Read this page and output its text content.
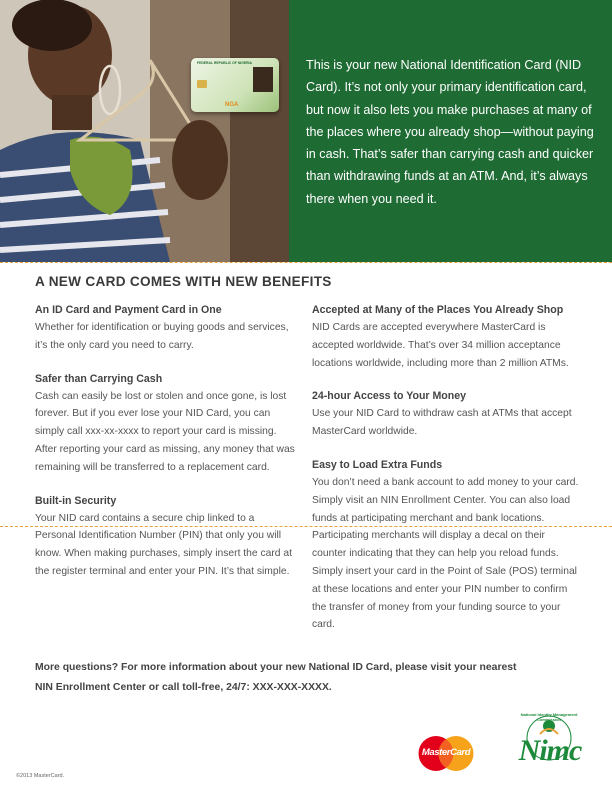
FEDERAL REPUBLIC OF NIGERIA
NGA

This is your new National Identification Card (NID Card). It’s not only your primary identification card, but now it also lets you make purchases at many of the places where you already shop—without paying in cash. That’s safer than carrying cash and quicker than withdrawing funds at an ATM. And, it’s always there when you need it.

A NEW CARD COMES WITH NEW BENEFITS
An ID Card and Payment Card in One

Whether for identification or buying goods and services, it’s the only card you need to carry.

Safer than Carrying Cash

Cash can easily be lost or stolen and once gone, is lost forever. But if you ever lose your NID Card, you can simply call xxx-xx-xxxx to report your card is missing. After reporting your card as missing, any money that was remaining will be transferred to a replacement card.

Built-in Security

Your NID card contains a secure chip linked to a Personal Identification Number (PIN) that only you will know. When making purchases, simply insert the card at the register terminal and enter your PIN. It’s that simple.

Accepted at Many of the Places You Already Shop

NID Cards are accepted everywhere MasterCard is accepted worldwide. That’s over 34 million acceptance locations worldwide, including more than 2 million ATMs.

24-hour Access to Your Money

Use your NID Card to withdraw cash at ATMs that accept MasterCard worldwide.

Easy to Load Extra Funds

You don’t need a bank account to add money to your card. Simply visit an NIN Enrollment Center. You can also load funds at participating merchant and bank locations. Participating merchants will display a decal on their counter indicating that they can help you reload funds. Simply insert your card in the Point of Sale (POS) terminal at these locations and enter your PIN number to confirm the transfer of money from your funding source to your card.

More questions? For more information about your new National ID Card, please visit your nearest
NIN Enrollment Center or call toll-free, 24/7: XXX-XXX-XXXX.
©2013 MasterCard.
MasterCard
National Identity Management Commission
Nimc
